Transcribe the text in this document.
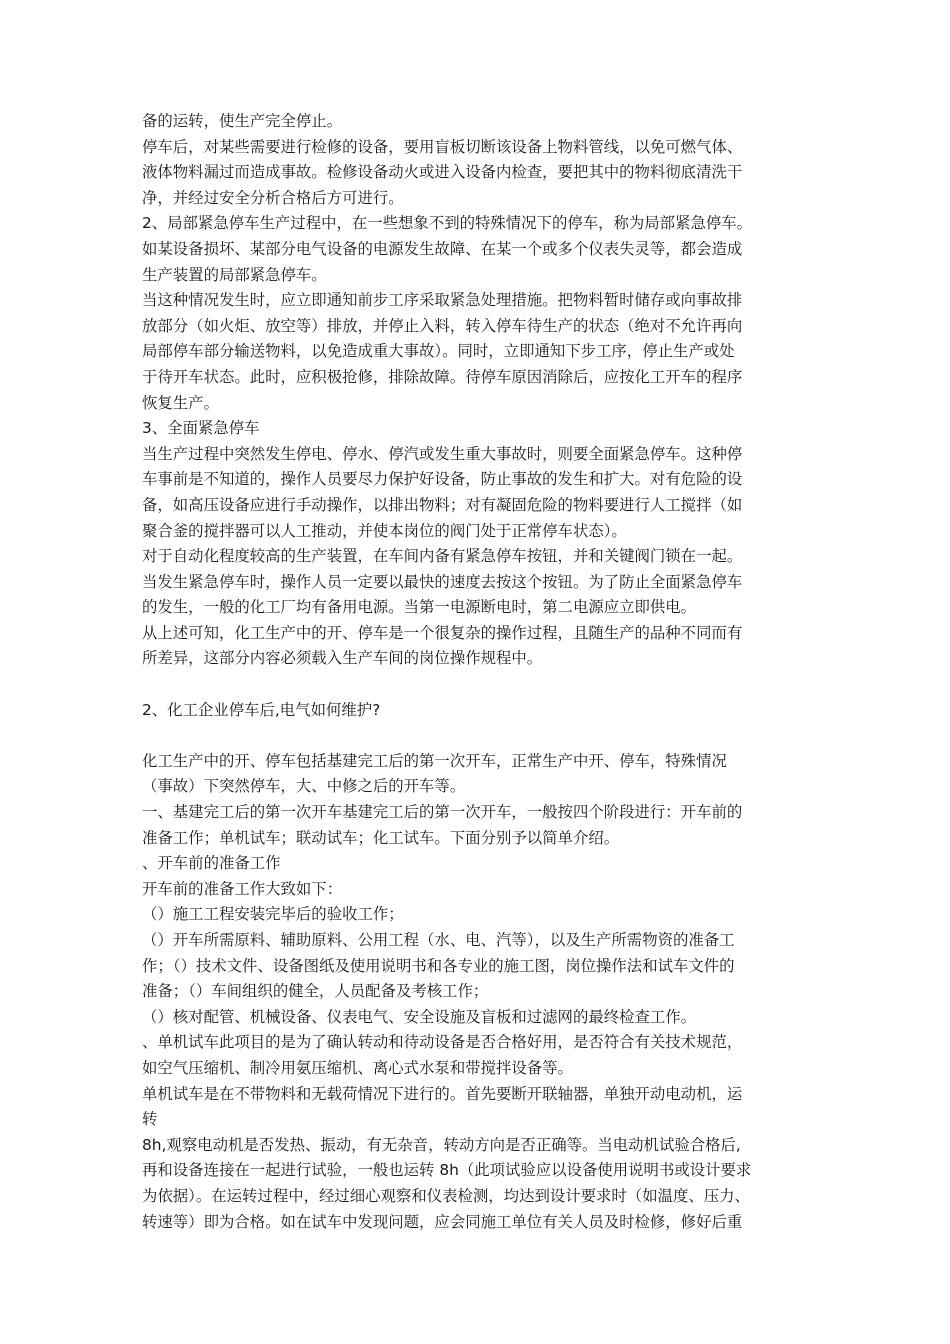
备的运转，使生产完全停止。
停车后，对某些需要进行检修的设备，要用盲板切断该设备上物料管线，以免可燃气体、
液体物料漏过而造成事故。检修设备动火或进入设备内检查，要把其中的物料彻底清洗干
净，并经过安全分析合格后方可进行。
2、局部紧急停车生产过程中，在一些想象不到的特殊情况下的停车，称为局部紧急停车。
如某设备损坏、某部分电气设备的电源发生故障、在某一个或多个仪表失灵等，都会造成
生产装置的局部紧急停车。
当这种情况发生时，应立即通知前步工序采取紧急处理措施。把物料暂时储存或向事故排
放部分（如火炬、放空等）排放，并停止入料，转入停车待生产的状态（绝对不允许再向
局部停车部分输送物料，以免造成重大事故）。同时，立即通知下步工序，停止生产或处
于待开车状态。此时，应积极抢修，排除故障。待停车原因消除后，应按化工开车的程序
恢复生产。
3、全面紧急停车
当生产过程中突然发生停电、停水、停汽或发生重大事故时，则要全面紧急停车。这种停
车事前是不知道的，操作人员要尽力保护好设备，防止事故的发生和扩大。对有危险的设
备，如高压设备应进行手动操作，以排出物料；对有凝固危险的物料要进行人工搅拌（如
聚合釜的搅拌器可以人工推动，并使本岗位的阀门处于正常停车状态）。
对于自动化程度较高的生产装置，在车间内备有紧急停车按钮，并和关键阀门锁在一起。
当发生紧急停车时，操作人员一定要以最快的速度去按这个按钮。为了防止全面紧急停车
的发生，一般的化工厂均有备用电源。当第一电源断电时，第二电源应立即供电。
从上述可知，化工生产中的开、停车是一个很复杂的操作过程，且随生产的品种不同而有
所差异，这部分内容必须载入生产车间的岗位操作规程中。
2、化工企业停车后,电气如何维护?
化工生产中的开、停车包括基建完工后的第一次开车，正常生产中开、停车，特殊情况
（事故）下突然停车，大、中修之后的开车等。
一、基建完工后的第一次开车基建完工后的第一次开车，一般按四个阶段进行：开车前的
准备工作；单机试车；联动试车；化工试车。下面分别予以简单介绍。
、开车前的准备工作
开车前的准备工作大致如下：
（）施工工程安装完毕后的验收工作；
（）开车所需原料、辅助原料、公用工程（水、电、汽等），以及生产所需物资的准备工
作；（）技术文件、设备图纸及使用说明书和各专业的施工图，岗位操作法和试车文件的
准备；（）车间组织的健全，人员配备及考核工作；
（）核对配管、机械设备、仪表电气、安全设施及盲板和过滤网的最终检查工作。
、单机试车此项目的是为了确认转动和待动设备是否合格好用，是否符合有关技术规范，
如空气压缩机、制冷用氨压缩机、离心式水泵和带搅拌设备等。
单机试车是在不带物料和无载荷情况下进行的。首先要断开联轴器，单独开动电动机，运
转
8h,观察电动机是否发热、振动，有无杂音，转动方向是否正确等。当电动机试验合格后,
再和设备连接在一起进行试验，一般也运转 8h（此项试验应以设备使用说明书或设计要求
为依据）。在运转过程中，经过细心观察和仪表检测，均达到设计要求时（如温度、压力、
转速等）即为合格。如在试车中发现问题，应会同施工单位有关人员及时检修，修好后重
